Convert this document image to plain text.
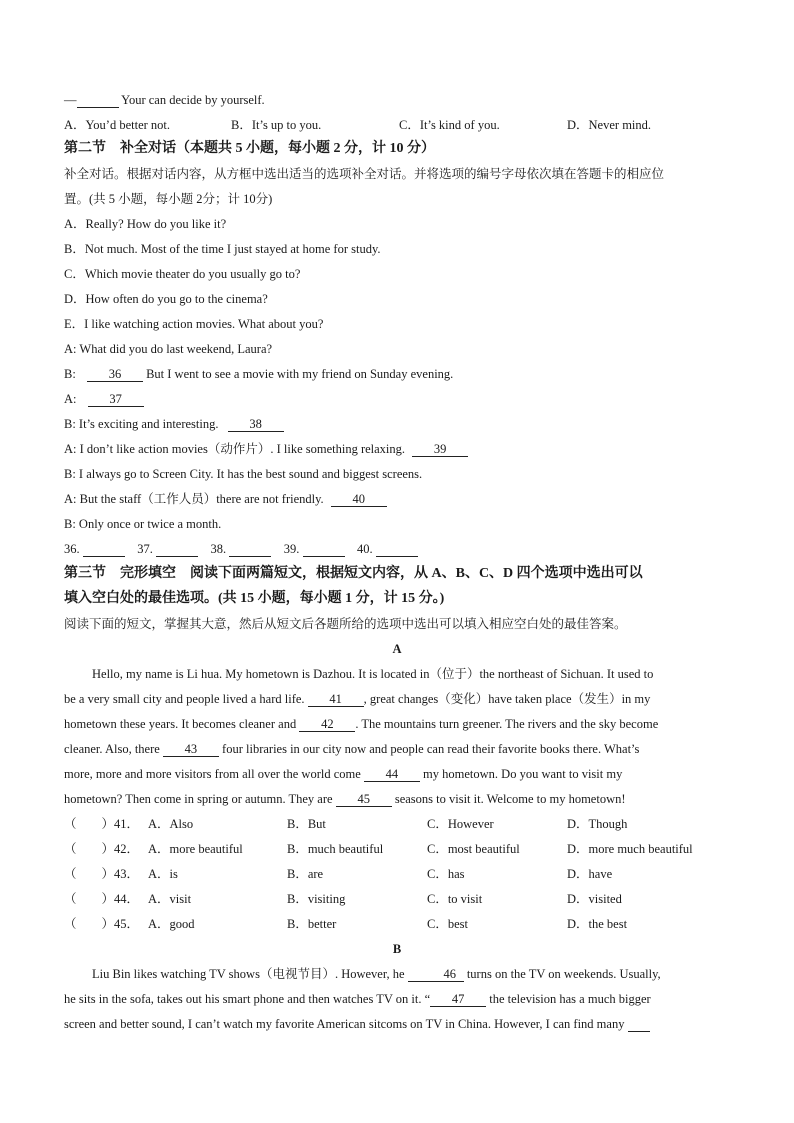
—	Your can decide by yourself.
A．You’d better not.	B．It’s up to you.	C．It’s kind of you.	D．Never mind.
第二节　补全对话（本题共 5 小题，每小题 2 分，计 10 分）
补全对话。根据对话内容，从方框中选出适当的选项补全对话。并将选项的编号字母依次填在答题卡的相应位
置。(共 5 小题，每小题 2分；计 10分)
A．Really? How do you like it?
B．Not much. Most of the time I just stayed at home for study.
C．Which movie theater do you usually go to?
D．How often do you go to the cinema?
E．I like watching action movies. What about you?
A: What did you do last weekend, Laura?
B: 36 But I went to see a movie with my friend on Sunday evening.
A: 37
B: It’s exciting and interesting. 38
A: I don’t like action movies（动作片）. I like something relaxing. 39
B: I always go to Screen City. It has the best sound and biggest screens.
A: But the staff（工作人员）there are not friendly. 40
B: Only once or twice a month.
36.	37.	38.	39.	40.
第三节　完形填空　阅读下面两篇短文，根据短文内容，从 A、B、C、D 四个选项中选出可以
填入空白处的最佳选项。(共 15 小题，每小题 1 分，计 15 分。)
阅读下面的短文，掌握其大意，然后从短文后各题所给的选项中选出可以填入相应空白处的最佳答案。
A
Hello, my name is Li hua. My hometown is Dazhou. It is located in（位于）the northeast of Sichuan. It used to
be a very small city and people lived a hard life. 41 , great changes（变化）have taken place（发生）in my
hometown these years. It becomes cleaner and 42 . The mountains turn greener. The rivers and the sky become
cleaner. Also, there 43 four libraries in our city now and people can read their favorite books there. What’s
more, more and more visitors from all over the world come 44 my hometown. Do you want to visit my
hometown? Then come in spring or autumn. They are 45 seasons to visit it. Welcome to my hometown!
（　　）41． A．Also	B．But	C．However	D．Though
（　　）42． A．more beautiful	B．much beautiful	C．most beautiful	D．more much beautiful
（　　）43． A．is	B．are	C．has	D．have
（　　）44． A．visit	B．visiting	C．to visit	D．visited
（　　）45． A．good	B．better	C．best	D．the best
B
Liu Bin likes watching TV shows（电视节目）. However, he	46 turns on the TV on weekends. Usually,
he sits in the sofa, takes out his smart phone and then watches TV on it. “ 47 the television has a much bigger
screen and better sound, I can’t watch my favorite American sitcoms on TV in China. However, I can find many
